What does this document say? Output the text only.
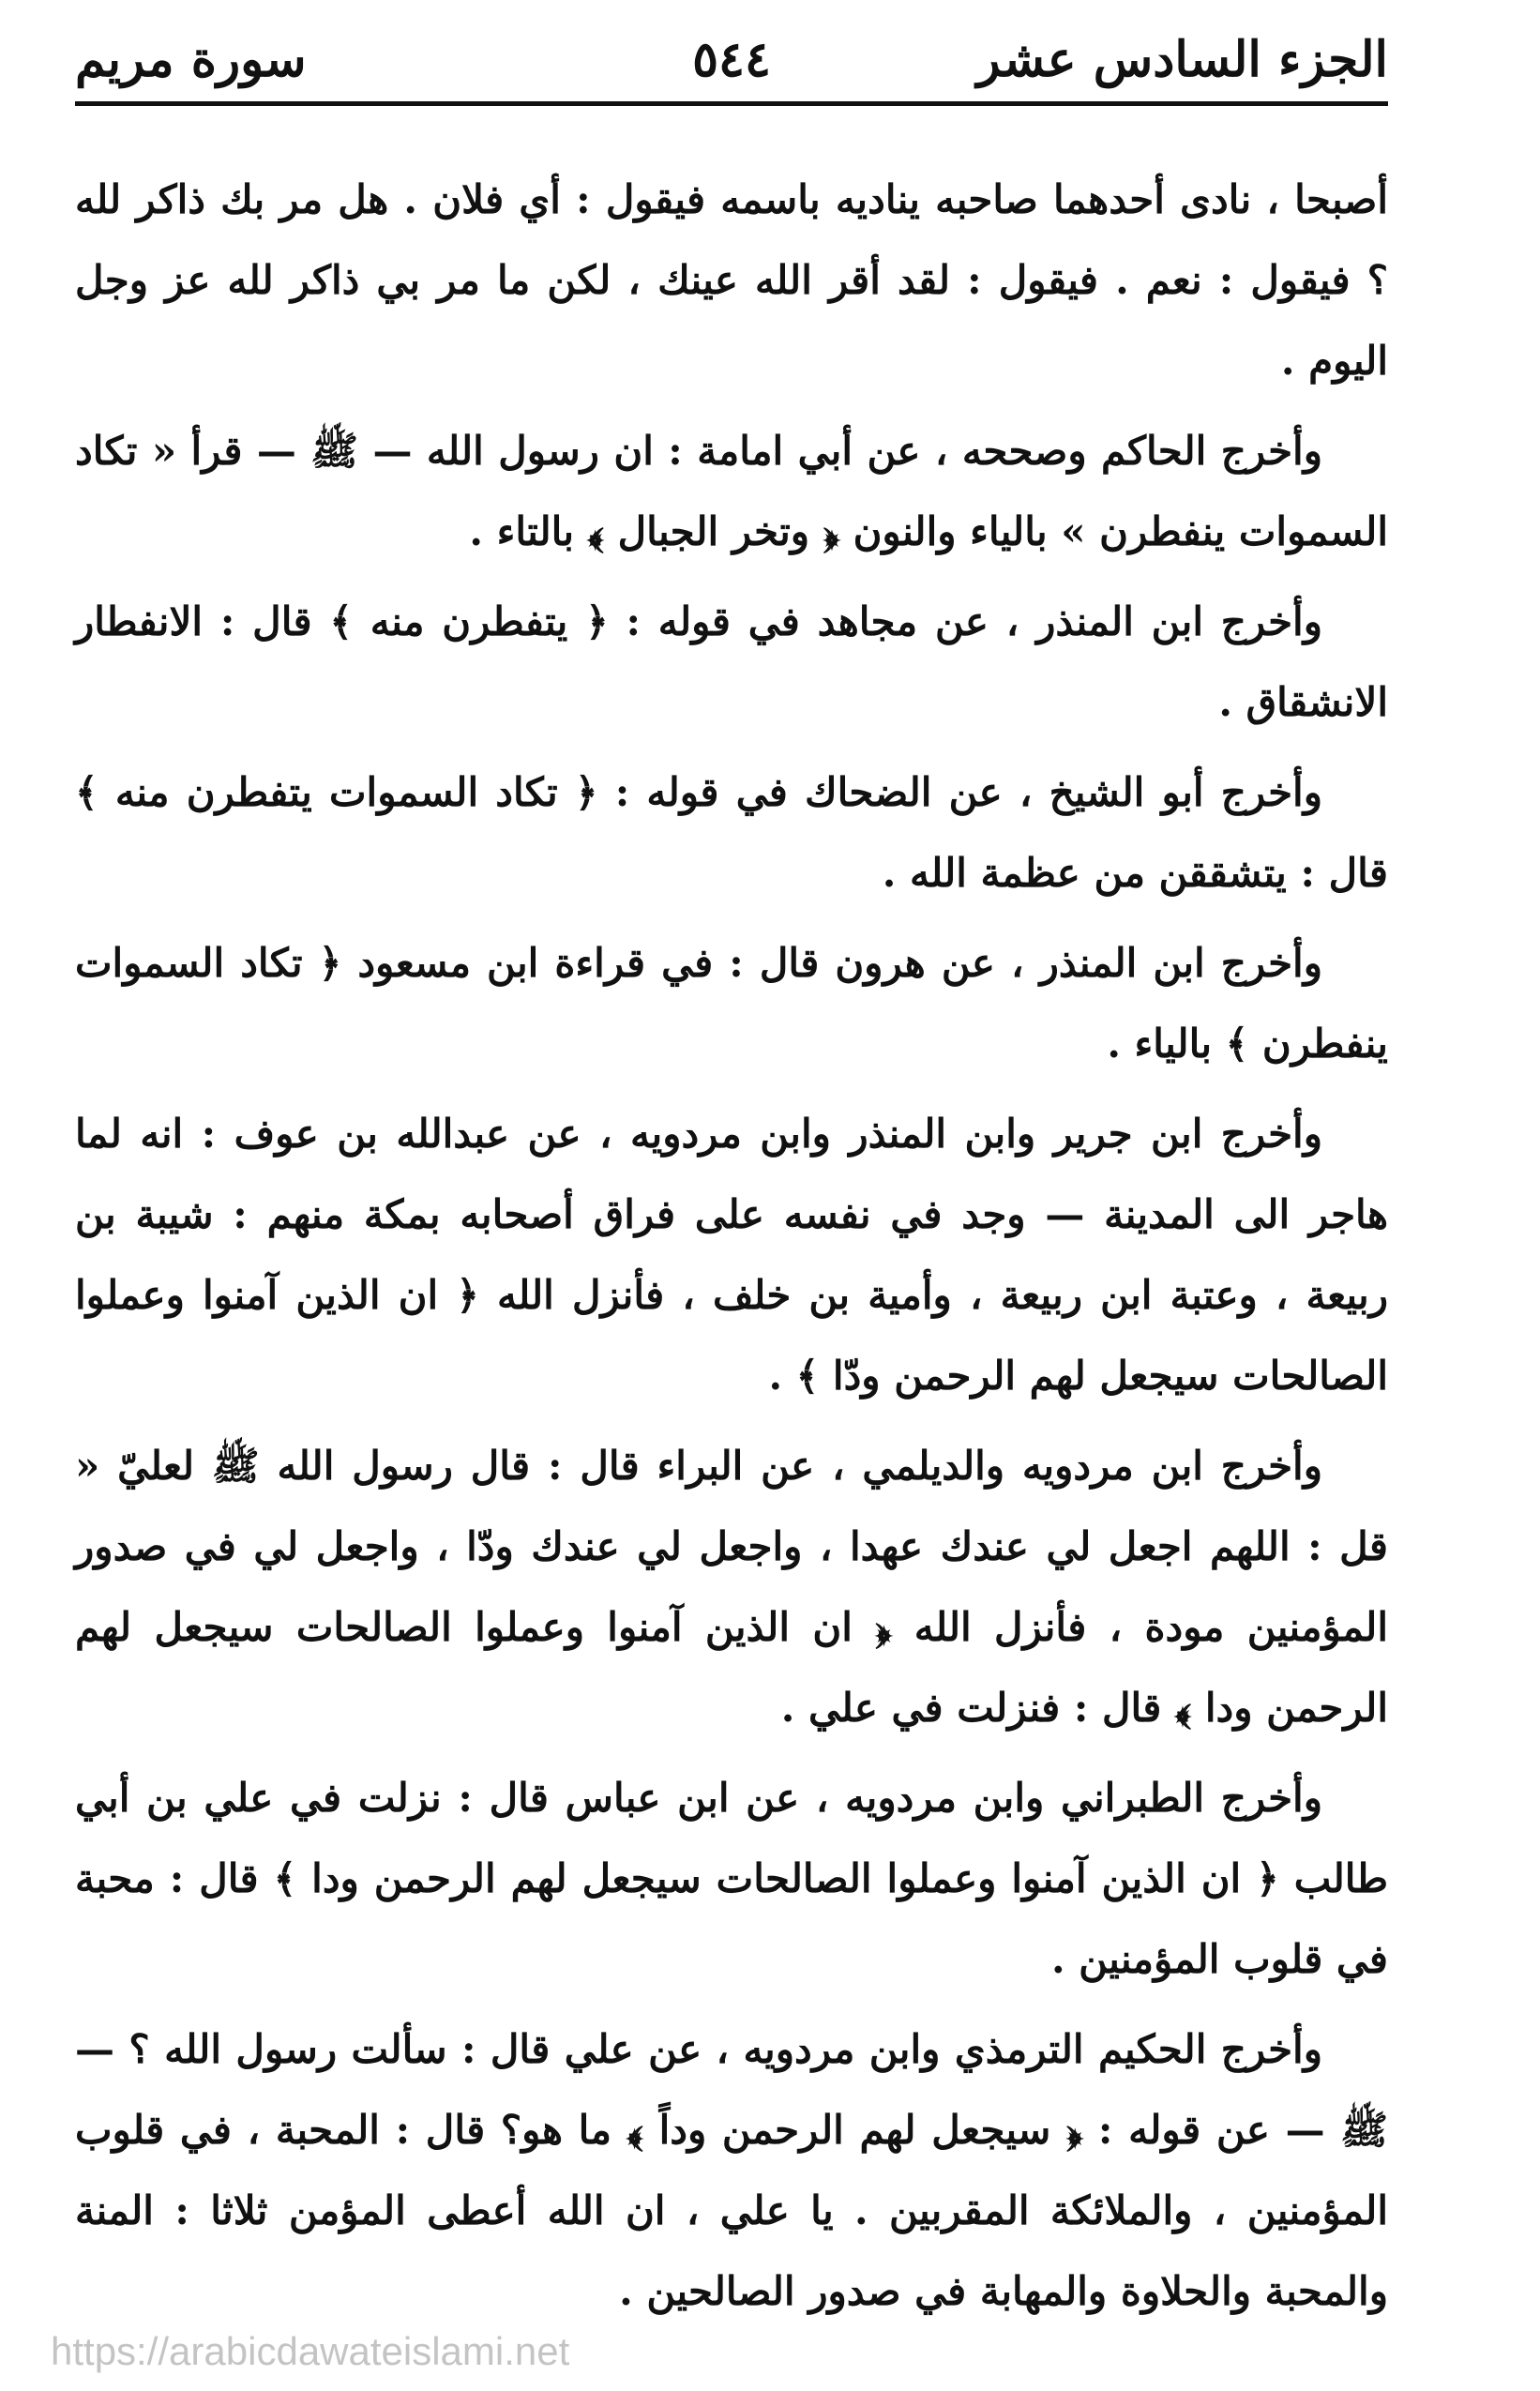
الجزء السادس عشر
٥٤٤
سورة مريم

أصبحا ، نادى أحدهما صاحبه يناديه باسمه فيقول : أي فلان . هل مر بك ذاكر لله ؟ فيقول : نعم . فيقول : لقد أقر الله عينك ، لكن ما مر بي ذاكر لله عز وجل اليوم .

وأخرج الحاكم وصححه ، عن أبي امامة : ان رسول الله — ﷺ — قرأ « تكاد السموات ينفطرن » بالياء والنون ﴿ وتخر الجبال ﴾ بالتاء .

وأخرج ابن المنذر ، عن مجاهد في قوله : ﴿ يتفطرن منه ﴾ قال : الانفطار الانشقاق .

وأخرج أبو الشيخ ، عن الضحاك في قوله : ﴿ تكاد السموات يتفطرن منه ﴾ قال : يتشققن من عظمة الله .

وأخرج ابن المنذر ، عن هرون قال : في قراءة ابن مسعود ﴿ تكاد السموات ينفطرن ﴾ بالياء .

وأخرج ابن جرير وابن المنذر وابن مردويه ، عن عبدالله بن عوف : انه لما هاجر الى المدينة — وجد في نفسه على فراق أصحابه بمكة منهم : شيبة بن ربيعة ، وعتبة ابن ربيعة ، وأمية بن خلف ، فأنزل الله ﴿ ان الذين آمنوا وعملوا الصالحات سيجعل لهم الرحمن ودّا ﴾ .

وأخرج ابن مردويه والديلمي ، عن البراء قال : قال رسول الله ﷺ لعليّ « قل : اللهم اجعل لي عندك عهدا ، واجعل لي عندك ودّا ، واجعل لي في صدور المؤمنين مودة ، فأنزل الله ﴿ ان الذين آمنوا وعملوا الصالحات سيجعل لهم الرحمن ودا ﴾ قال : فنزلت في علي .

وأخرج الطبراني وابن مردويه ، عن ابن عباس قال : نزلت في علي بن أبي طالب ﴿ ان الذين آمنوا وعملوا الصالحات سيجعل لهم الرحمن ودا ﴾ قال : محبة في قلوب المؤمنين .

وأخرج الحكيم الترمذي وابن مردويه ، عن علي قال : سألت رسول الله ؟ — ﷺ — عن قوله : ﴿ سيجعل لهم الرحمن وداً ﴾ ما هو؟ قال : المحبة ، في قلوب المؤمنين ، والملائكة المقربين . يا علي ، ان الله أعطى المؤمن ثلاثا : المنة والمحبة والحلاوة والمهابة في صدور الصالحين .

https://arabicdawateislami.net
